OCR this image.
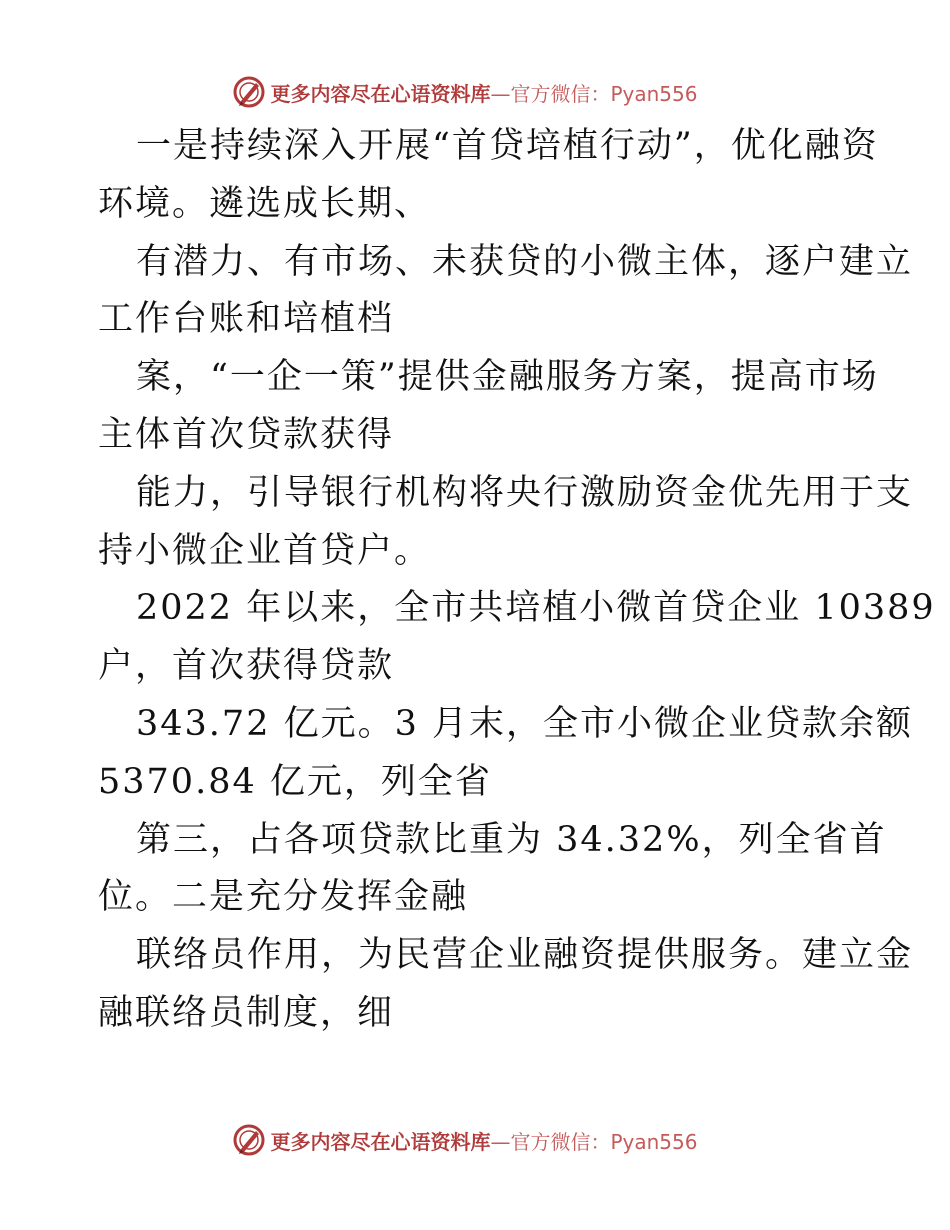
更多内容尽在心语资料库—官方微信：Pyan556
一是持续深入开展“首贷培植行动”，优化融资
环境。遴选成长期、
有潜力、有市场、未获贷的小微主体，逐户建立
工作台账和培植档
案，“一企一策”提供金融服务方案，提高市场
主体首次贷款获得
能力，引导银行机构将央行激励资金优先用于支
持小微企业首贷户。
2022 年以来，全市共培植小微首贷企业 10389
户，首次获得贷款
343.72 亿元。3 月末，全市小微企业贷款余额
5370.84 亿元，列全省
第三，占各项贷款比重为 34.32%，列全省首
位。二是充分发挥金融
联络员作用，为民营企业融资提供服务。建立金
融联络员制度，细
更多内容尽在心语资料库—官方微信：Pyan556
